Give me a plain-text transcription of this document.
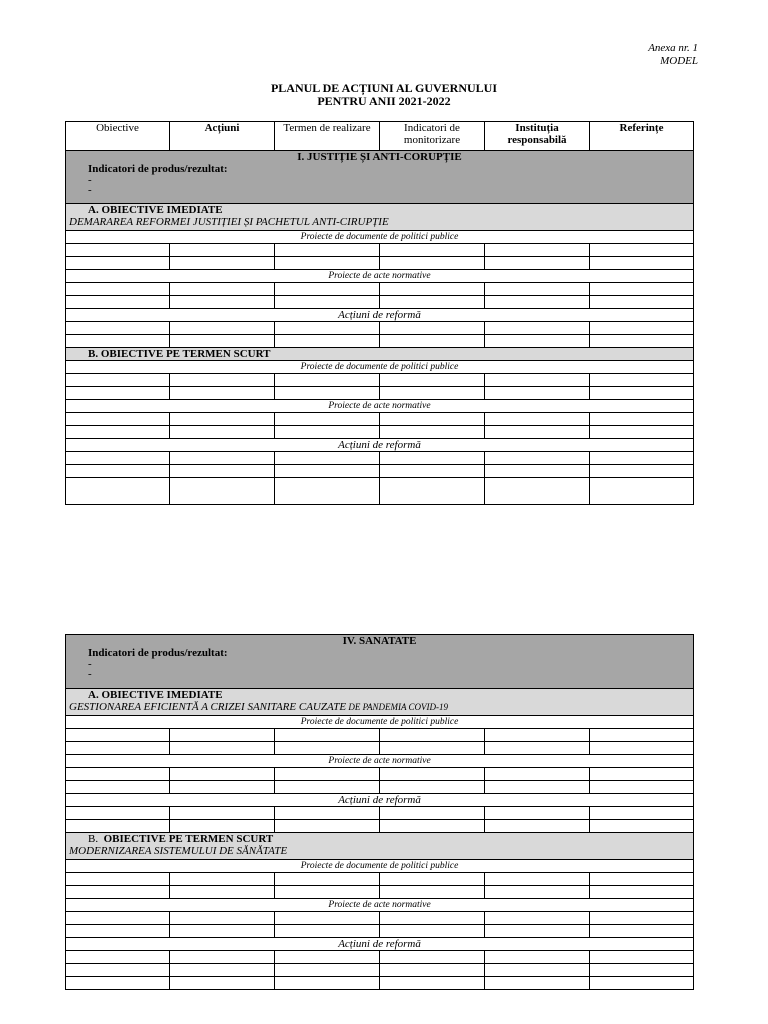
Anexa nr. 1
MODEL
PLANUL DE ACȚIUNI AL GUVERNULUI
PENTRU ANII 2021-2022
Obiective	Acțiuni	Termen de realizare	Indicatori de monitorizare	Instituția responsabilă	Referințe

I. JUSTIȚIE ȘI ANTI-CORUPȚIE
Indicatori de produs/rezultat:
-
-					

A. OBIECTIVE IMEDIATE
DEMARAREA REFORMEI JUSTIȚIEI ȘI PACHETUL ANTI-CIRUPȚIE					

Proiecte de documente de politici publice					

Proiecte de acte normative					

Acțiuni de reformă					

B. OBIECTIVE PE TERMEN SCURT					

Proiecte de documente de politici publice					

Proiecte de acte normative					

Acțiuni de reformă					

IV. SANATATE
Indicatori de produs/rezultat:
-
-					

A. OBIECTIVE IMEDIATE
GESTIONAREA EFICIENTĂ A CRIZEI SANITARE CAUZATE DE PANDEMIA COVID-19					

Proiecte de documente de politici publice					

Proiecte de acte normative					

Acțiuni de reformă					

B. OBIECTIVE PE TERMEN SCURT
MODERNIZAREA SISTEMULUI DE SĂNĂTATE					

Proiecte de documente de politici publice					

Proiecte de acte normative					

Acțiuni de reformă					
